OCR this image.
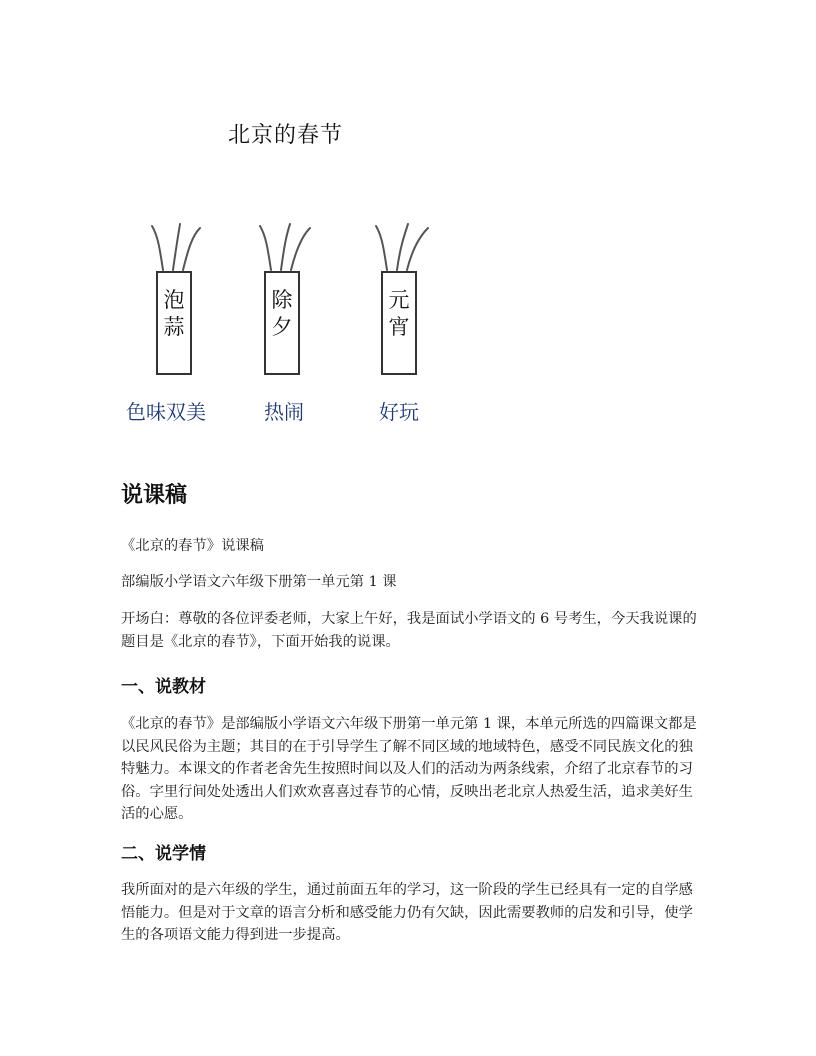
北京的春节
泡
蒜
除
夕
元
宵
色味双美	热闹	好玩
说课稿

《北京的春节》说课稿

部编版小学语文六年级下册第一单元第 1 课

开场白：尊敬的各位评委老师，大家上午好，我是面试小学语文的 6 号考生，今天我说课的题目是《北京的春节》，下面开始我的说课。

一、说教材

《北京的春节》是部编版小学语文六年级下册第一单元第 1 课，本单元所选的四篇课文都是以民风民俗为主题；其目的在于引导学生了解不同区域的地域特色，感受不同民族文化的独特魅力。本课文的作者老舍先生按照时间以及人们的活动为两条线索，介绍了北京春节的习俗。字里行间处处透出人们欢欢喜喜过春节的心情，反映出老北京人热爱生活，追求美好生活的心愿。

二、说学情

我所面对的是六年级的学生，通过前面五年的学习，这一阶段的学生已经具有一定的自学感悟能力。但是对于文章的语言分析和感受能力仍有欠缺，因此需要教师的启发和引导，使学生的各项语文能力得到进一步提高。
